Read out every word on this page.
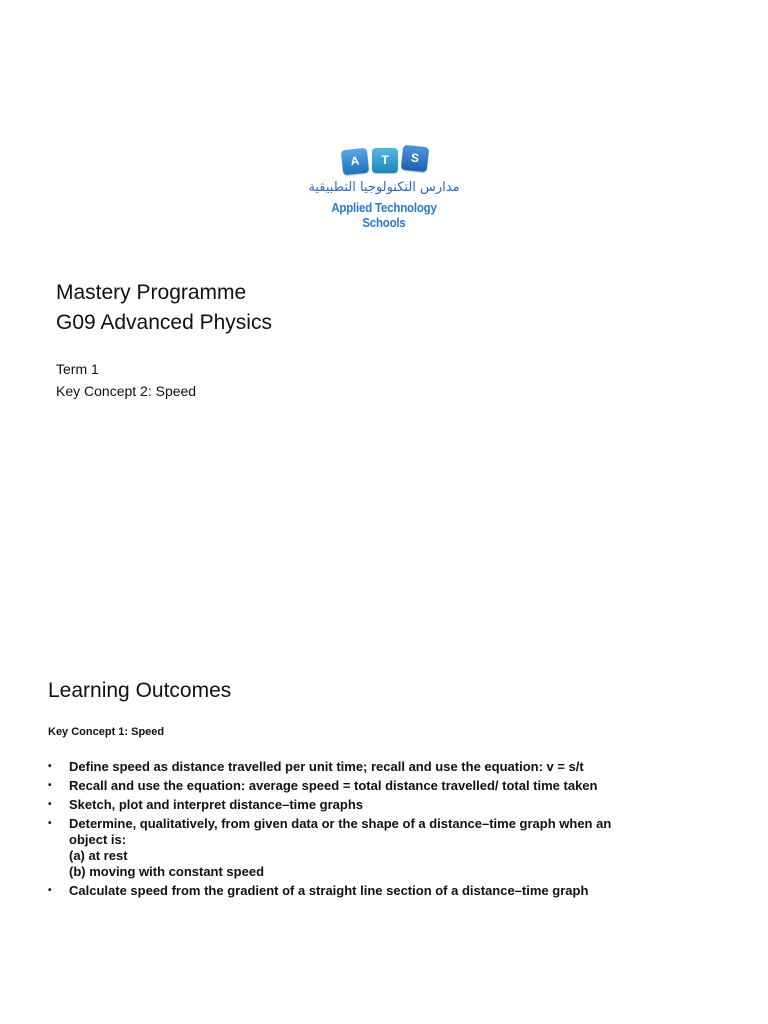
A	T	S
مدارس التكنولوجيا التطبيقية
Applied Technology Schools
Mastery Programme
G09 Advanced Physics
Term 1
Key Concept 2: Speed
Learning Outcomes
Key Concept 1: Speed
• Define speed as distance travelled per unit time; recall and use the equation: v = s/t
• Recall and use the equation: average speed = total distance travelled/ total time taken
• Sketch, plot and interpret distance–time graphs
• Determine, qualitatively, from given data or the shape of a distance–time graph when an
object is:
(a) at rest
(b) moving with constant speed
• Calculate speed from the gradient of a straight line section of a distance–time graph
